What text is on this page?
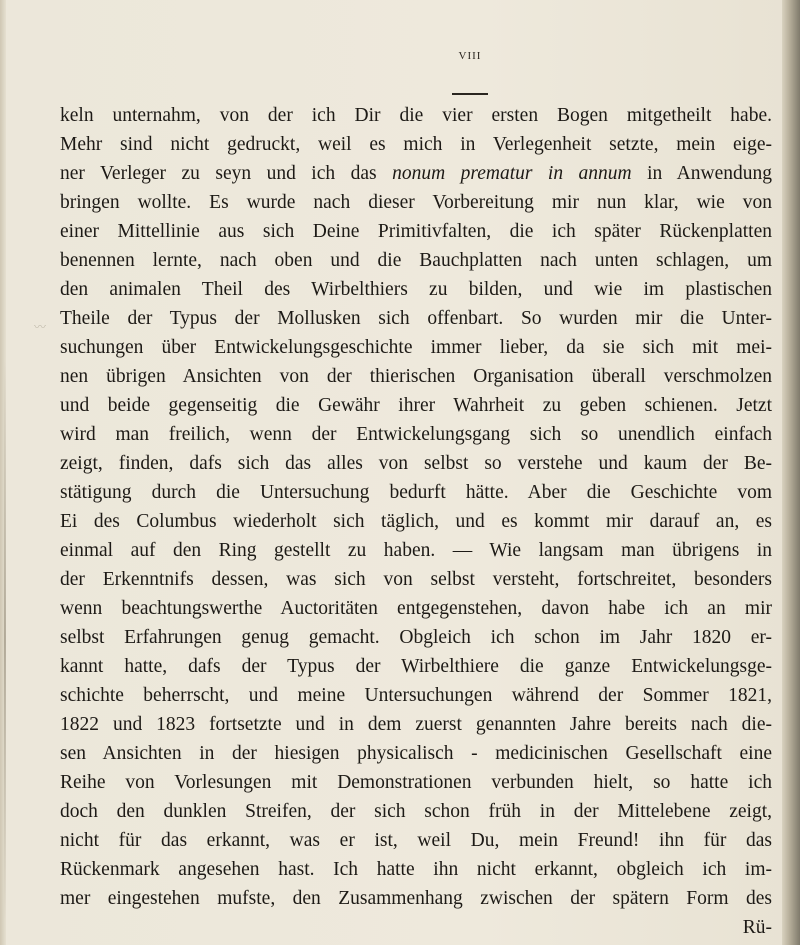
VIII
〰
keln unternahm, von der ich Dir die vier ersten Bogen mitgetheilt habe.
Mehr sind nicht gedruckt, weil es mich in Verlegenheit setzte, mein eige-
ner Verleger zu seyn und ich das nonum prematur in annum in Anwendung
bringen wollte. Es wurde nach dieser Vorbereitung mir nun klar, wie von
einer Mittellinie aus sich Deine Primitivfalten, die ich später Rückenplatten
benennen lernte, nach oben und die Bauchplatten nach unten schlagen, um
den animalen Theil des Wirbelthiers zu bilden, und wie im plastischen
Theile der Typus der Mollusken sich offenbart. So wurden mir die Unter-
suchungen über Entwickelungsgeschichte immer lieber, da sie sich mit mei-
nen übrigen Ansichten von der thierischen Organisation überall verschmolzen
und beide gegenseitig die Gewähr ihrer Wahrheit zu geben schienen. Jetzt
wird man freilich, wenn der Entwickelungsgang sich so unendlich einfach
zeigt, finden, dafs sich das alles von selbst so verstehe und kaum der Be-
stätigung durch die Untersuchung bedurft hätte. Aber die Geschichte vom
Ei des Columbus wiederholt sich täglich, und es kommt mir darauf an, es
einmal auf den Ring gestellt zu haben. — Wie langsam man übrigens in
der Erkenntnifs dessen, was sich von selbst versteht, fortschreitet, besonders
wenn beachtungswerthe Auctoritäten entgegenstehen, davon habe ich an mir
selbst Erfahrungen genug gemacht. Obgleich ich schon im Jahr 1820 er-
kannt hatte, dafs der Typus der Wirbelthiere die ganze Entwickelungsge-
schichte beherrscht, und meine Untersuchungen während der Sommer 1821,
1822 und 1823 fortsetzte und in dem zuerst genannten Jahre bereits nach die-
sen Ansichten in der hiesigen physicalisch - medicinischen Gesellschaft eine
Reihe von Vorlesungen mit Demonstrationen verbunden hielt, so hatte ich
doch den dunklen Streifen, der sich schon früh in der Mittelebene zeigt,
nicht für das erkannt, was er ist, weil Du, mein Freund! ihn für das
Rückenmark angesehen hast. Ich hatte ihn nicht erkannt, obgleich ich im-
mer eingestehen mufste, den Zusammenhang zwischen der spätern Form des
Rü-
